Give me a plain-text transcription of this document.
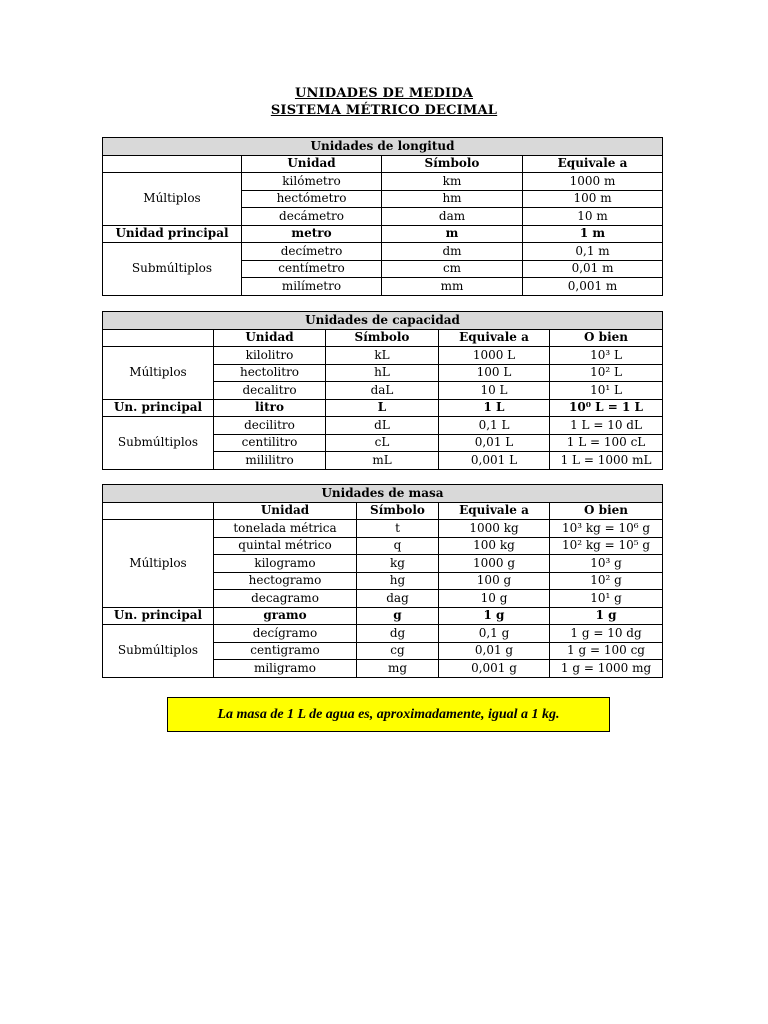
UNIDADES DE MEDIDA
SISTEMA MÉTRICO DECIMAL
Unidades de longitud			
	Unidad	Símbolo	Equivale a
Múltiplos	kilómetro	km	1000 m
	hectómetro	hm	100 m
	decámetro	dam	10 m
Unidad principal	metro	m	1 m
Submúltiplos	decímetro	dm	0,1 m
	centímetro	cm	0,01 m
	milímetro	mm	0,001 m
Unidades de capacidad				
	Unidad	Símbolo	Equivale a	O bien
Múltiplos	kilolitro	kL	1000 L	10³ L
	hectolitro	hL	100 L	10² L
	decalitro	daL	10 L	10¹ L
Un. principal	litro	L	1 L	10⁰ L = 1 L
Submúltiplos	decilitro	dL	0,1 L	1 L = 10 dL
	centilitro	cL	0,01 L	1 L = 100 cL
	mililitro	mL	0,001 L	1 L = 1000 mL
Unidades de masa				
	Unidad	Símbolo	Equivale a	O bien
Múltiplos	tonelada métrica	t	1000 kg	10³ kg = 10⁶ g
	quintal métrico	q	100 kg	10² kg = 10⁵ g
	kilogramo	kg	1000 g	10³ g
	hectogramo	hg	100 g	10² g
	decagramo	dag	10 g	10¹ g
Un. principal	gramo	g	1 g	1 g
Submúltiplos	decígramo	dg	0,1 g	1 g = 10 dg
	centigramo	cg	0,01 g	1 g = 100 cg
	miligramo	mg	0,001 g	1 g = 1000 mg
La masa de 1 L de agua es, aproximadamente, igual a 1 kg.
